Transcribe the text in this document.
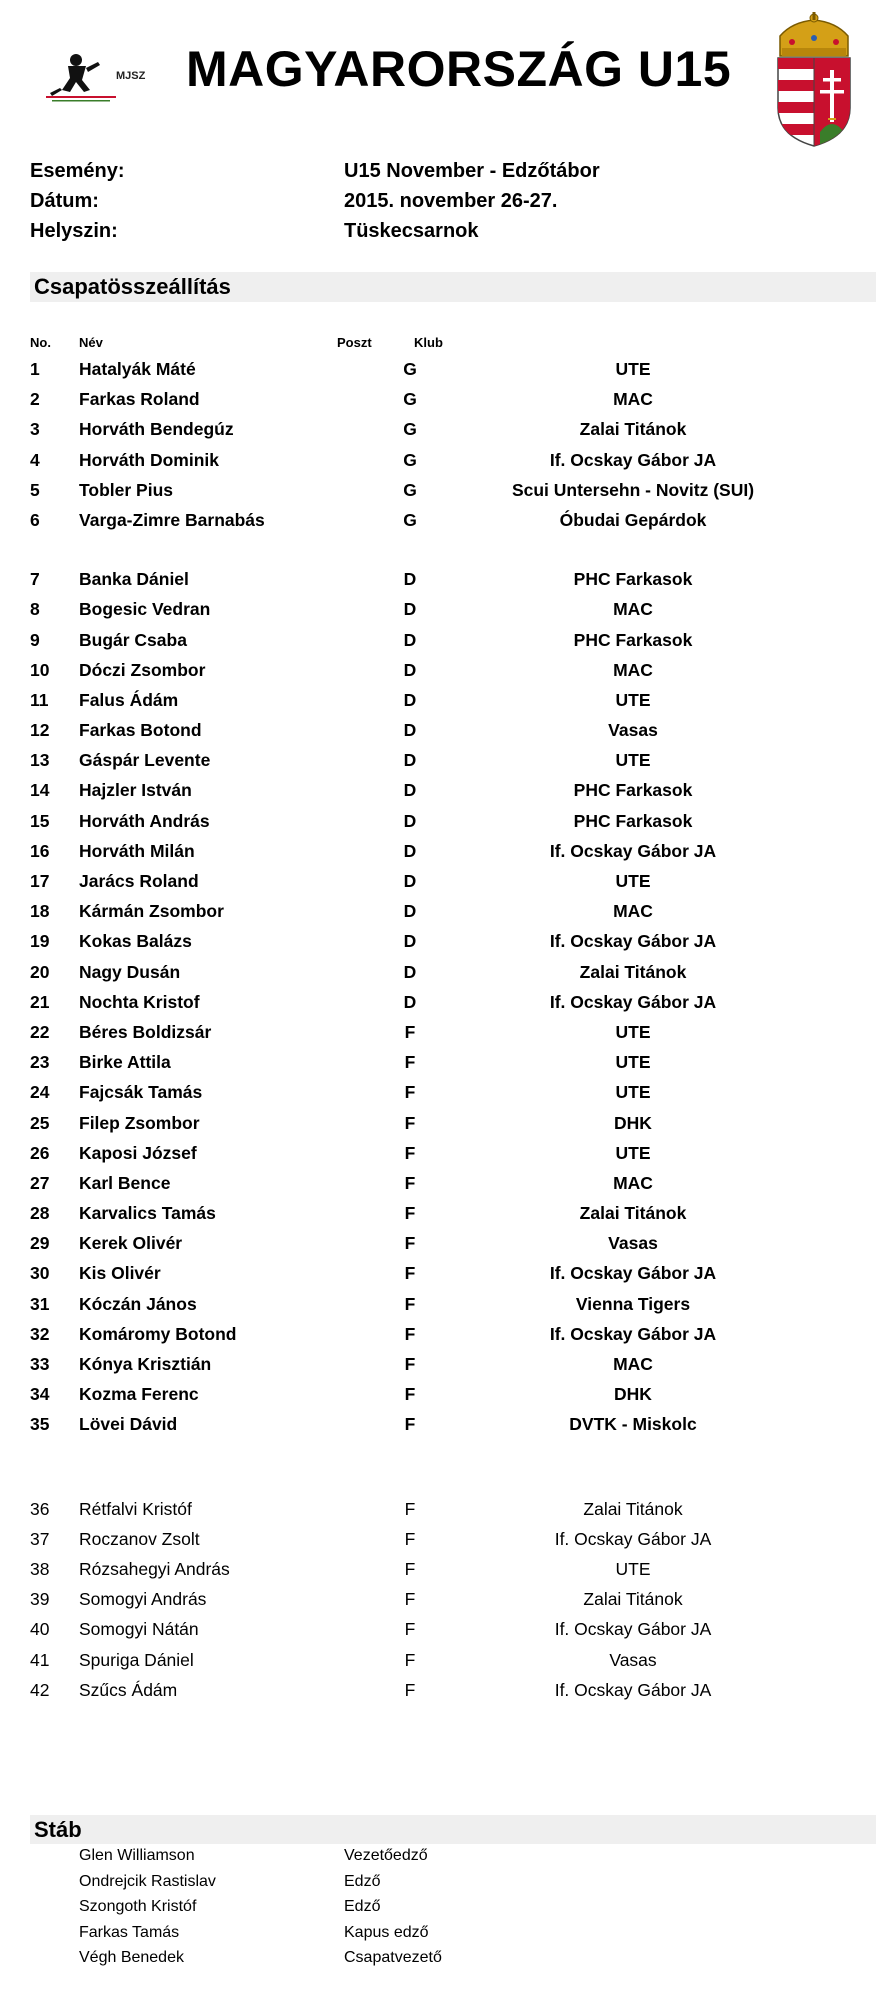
MJSZ MAGYARORSZÁG U15
Esemény:	U15 November - Edzőtábor
Dátum:	2015. november 26-27.
Helyszin:	Tüskecsarnok
Csapatösszeállítás
No. Név	Poszt	Klub
1 Hatalyák Máté	G	UTE
2 Farkas Roland	G	MAC
3 Horváth Bendegúz	G	Zalai Titánok
4 Horváth Dominik	G	If. Ocskay Gábor JA
5 Tobler Pius	G	Scui Untersehn - Novitz (SUI)
6 Varga-Zimre Barnabás	G	Óbudai Gepárdok
7 Banka Dániel	D	PHC Farkasok
8 Bogesic Vedran	D	MAC
9 Bugár Csaba	D	PHC Farkasok
10 Dóczi Zsombor	D	MAC
11 Falus Ádám	D	UTE
12 Farkas Botond	D	Vasas
13 Gáspár Levente	D	UTE
14 Hajzler István	D	PHC Farkasok
15 Horváth András	D	PHC Farkasok
16 Horváth Milán	D	If. Ocskay Gábor JA
17 Jarács Roland	D	UTE
18 Kármán Zsombor	D	MAC
19 Kokas Balázs	D	If. Ocskay Gábor JA
20 Nagy Dusán	D	Zalai Titánok
21 Nochta Kristof	D	If. Ocskay Gábor JA
22 Béres Boldizsár	F	UTE
23 Birke Attila	F	UTE
24 Fajcsák Tamás	F	UTE
25 Filep Zsombor	F	DHK
26 Kaposi József	F	UTE
27 Karl Bence	F	MAC
28 Karvalics Tamás	F	Zalai Titánok
29 Kerek Olivér	F	Vasas
30 Kis Olivér	F	If. Ocskay Gábor JA
31 Kóczán János	F	Vienna Tigers
32 Komáromy Botond	F	If. Ocskay Gábor JA
33 Kónya Krisztián	F	MAC
34 Kozma Ferenc	F	DHK
35 Lövei Dávid	F	DVTK - Miskolc
36 Rétfalvi Kristóf	F	Zalai Titánok
37 Roczanov Zsolt	F	If. Ocskay Gábor JA
38 Rózsahegyi András	F	UTE
39 Somogyi András	F	Zalai Titánok
40 Somogyi Nátán	F	If. Ocskay Gábor JA
41 Spuriga Dániel	F	Vasas
42 Szűcs Ádám	F	If. Ocskay Gábor JA
Stáb
Glen Williamson	Vezetőedző
Ondrejcik Rastislav	Edző
Szongoth Kristóf	Edző
Farkas Tamás	Kapus edző
Végh Benedek	Csapatvezető
